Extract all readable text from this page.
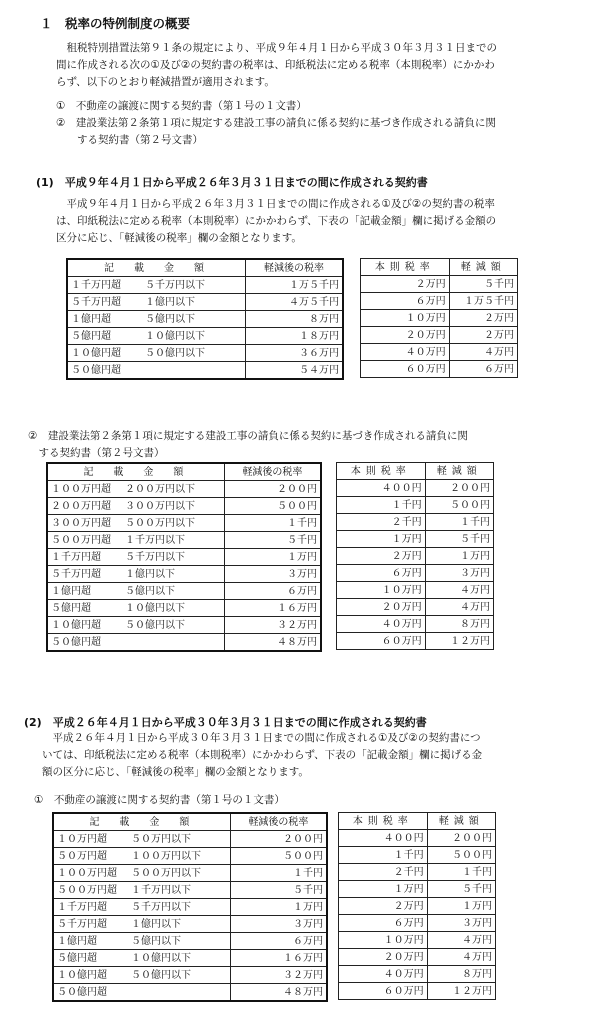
１　税率の特例制度の概要
　租税特別措置法第９１条の規定により、平成９年４月１日から平成３０年３月３１日までの
間に作成される次の①及び②の契約書の税率は、印紙税法に定める税率（本則税率）にかかわ
らず、以下のとおり軽減措置が適用されます。
①　不動産の譲渡に関する契約書（第１号の１文書）
②　建設業法第２条第１項に規定する建設工事の請負に係る契約に基づき作成される請負に関
　　する契約書（第２号文書）
(1)　平成９年４月１日から平成２６年３月３１日までの間に作成される契約書
　平成９年４月１日から平成２６年３月３１日までの間に作成される①及び②の契約書の税率
は、印紙税法に定める税率（本則税率）にかかわらず、下表の「記載金額」欄に掲げる金額の
区分に応じ、「軽減後の税率」欄の金額となります。
記　載　金　額	軽減後の税率
１千万円超 ５千万円以下	１万５千円
５千万円超 １億円以下	４万５千円
１億円超 ５億円以下	８万円
５億円超 １０億円以下	１８万円
１０億円超 ５０億円以下	３６万円
５０億円超	５４万円
本則税率	軽減額
２万円	５千円
６万円	１万５千円
１０万円	２万円
２０万円	２万円
４０万円	４万円
６０万円	６万円
②　建設業法第２条第１項に規定する建設工事の請負に係る契約に基づき作成される請負に関
　する契約書（第２号文書）
記　載　金　額	軽減後の税率
１００万円超 ２００万円以下	２００円
２００万円超 ３００万円以下	５００円
３００万円超 ５００万円以下	１千円
５００万円超 １千万円以下	５千円
１千万円超 ５千万円以下	１万円
５千万円超 １億円以下	３万円
１億円超 ５億円以下	６万円
５億円超 １０億円以下	１６万円
１０億円超 ５０億円以下	３２万円
５０億円超	４８万円
本則税率	軽減額
４００円	２００円
１千円	５００円
２千円	１千円
１万円	５千円
２万円	１万円
６万円	３万円
１０万円	４万円
２０万円	４万円
４０万円	８万円
６０万円	１２万円
(2)　平成２６年４月１日から平成３０年３月３１日までの間に作成される契約書
　平成２６年４月１日から平成３０年３月３１日までの間に作成される①及び②の契約書につ
いては、印紙税法に定める税率（本則税率）にかかわらず、下表の「記載金額」欄に掲げる金
額の区分に応じ、「軽減後の税率」欄の金額となります。
①　不動産の譲渡に関する契約書（第１号の１文書）
記　載　金　額	軽減後の税率
１０万円超 ５０万円以下	２００円
５０万円超 １００万円以下	５００円
１００万円超 ５００万円以下	１千円
５００万円超 １千万円以下	５千円
１千万円超 ５千万円以下	１万円
５千万円超 １億円以下	３万円
１億円超 ５億円以下	６万円
５億円超 １０億円以下	１６万円
１０億円超 ５０億円以下	３２万円
５０億円超	４８万円
本則税率	軽減額
４００円	２００円
１千円	５００円
２千円	１千円
１万円	５千円
２万円	１万円
６万円	３万円
１０万円	４万円
２０万円	４万円
４０万円	８万円
６０万円	１２万円
